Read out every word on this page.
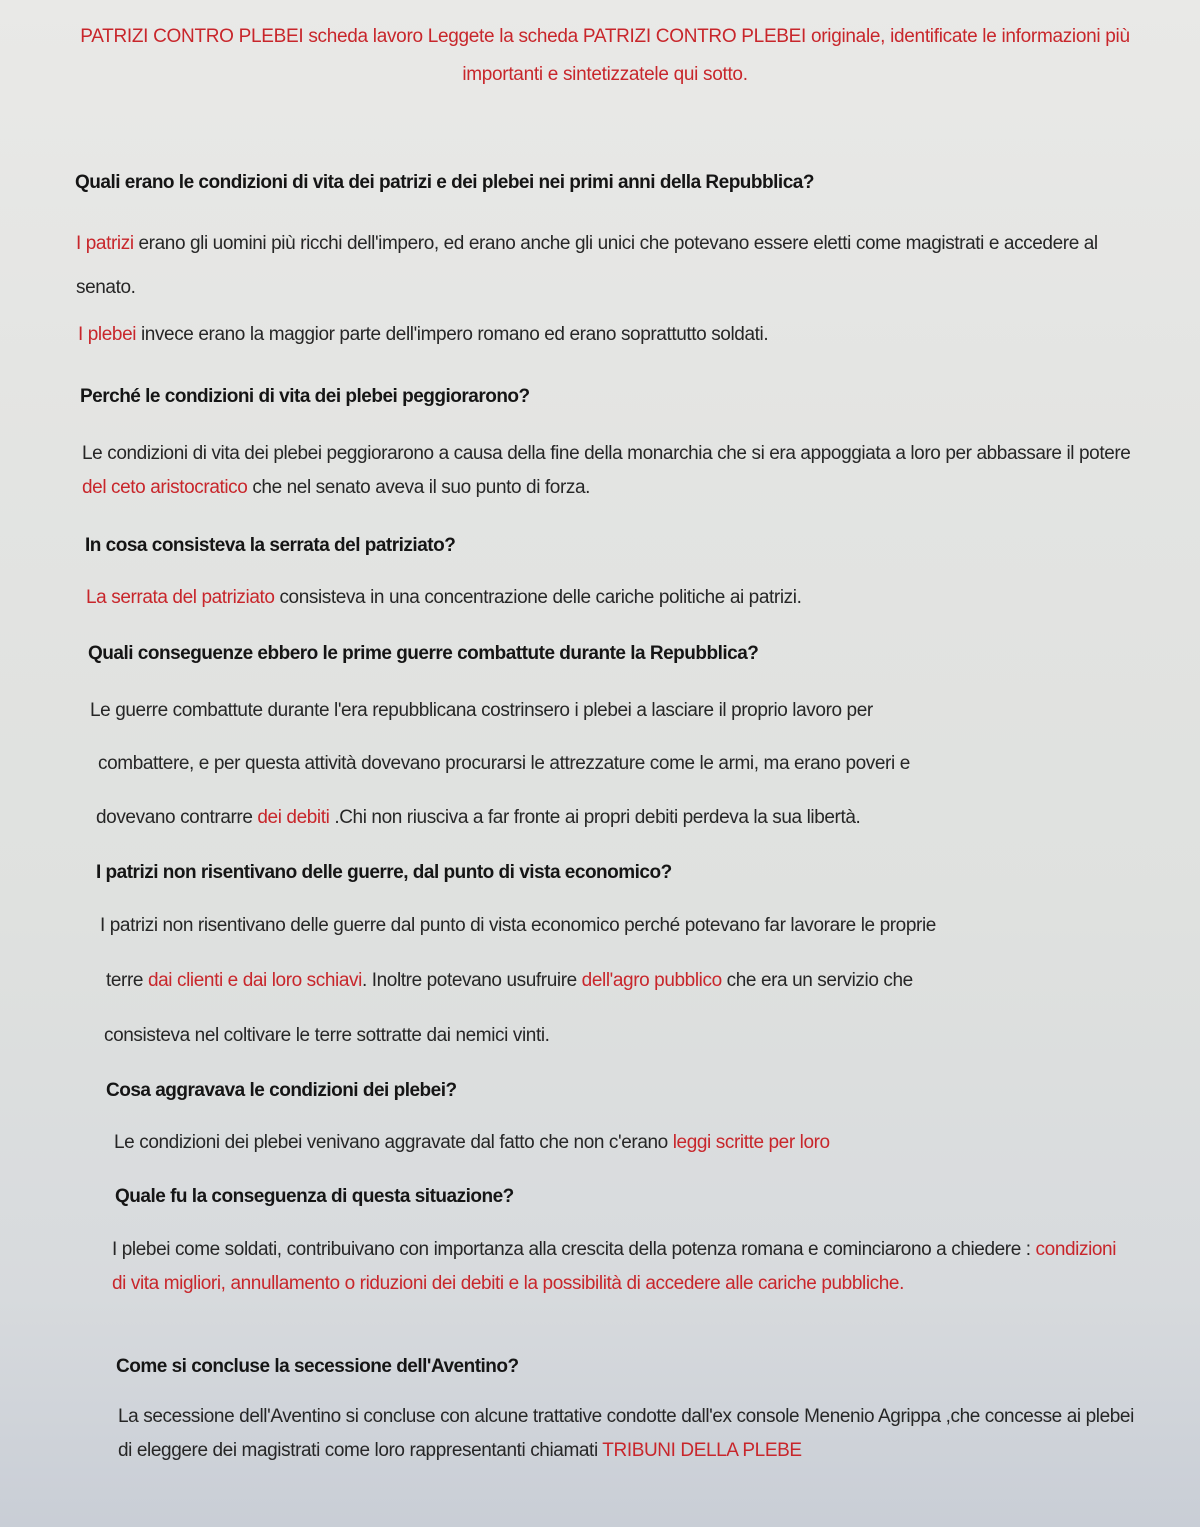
PATRIZI CONTRO PLEBEI scheda lavoro Leggete la scheda PATRIZI CONTRO PLEBEI originale, identificate le informazioni più importanti e sintetizzatele qui sotto.
Quali erano le condizioni di vita dei patrizi e dei plebei nei primi anni della Repubblica?
I patrizi erano gli uomini più ricchi dell'impero, ed erano anche gli unici che potevano essere eletti come magistrati e accedere al senato.
I plebei invece erano la maggior parte dell'impero romano ed erano soprattutto soldati.
Perché le condizioni di vita dei plebei peggiorarono?
Le condizioni di vita dei plebei peggiorarono a causa della fine della monarchia che si era appoggiata a loro per abbassare il potere del ceto aristocratico che nel senato aveva il suo punto di forza.
In cosa consisteva la serrata del patriziato?
La serrata del patriziato consisteva in una concentrazione delle cariche politiche ai patrizi.
Quali conseguenze ebbero le prime guerre combattute durante la Repubblica?
Le guerre combattute durante l'era repubblicana costrinsero i plebei a lasciare il proprio lavoro per
combattere, e per questa attività dovevano procurarsi le attrezzature come le armi, ma erano poveri e
dovevano contrarre dei debiti .Chi non riusciva a far fronte ai propri debiti perdeva la sua libertà.
I patrizi non risentivano delle guerre, dal punto di vista economico?
I patrizi non risentivano delle guerre dal punto di vista economico perché potevano far lavorare le proprie
terre dai clienti e dai loro schiavi. Inoltre potevano usufruire dell'agro pubblico che era un servizio che
consisteva nel coltivare le terre sottratte dai nemici vinti.
Cosa aggravava le condizioni dei plebei?
Le condizioni dei plebei venivano aggravate dal fatto che non c'erano leggi scritte per loro
Quale fu la conseguenza di questa situazione?
I plebei come soldati, contribuivano con importanza alla crescita della potenza romana e cominciarono a chiedere : condizioni di vita migliori, annullamento o riduzioni dei debiti e la possibilità di accedere alle cariche pubbliche.
Come si concluse la secessione dell'Aventino?
La secessione dell'Aventino si concluse con alcune trattative condotte dall'ex console Menenio Agrippa ,che concesse ai plebei di eleggere dei magistrati come loro rappresentanti chiamati TRIBUNI DELLA PLEBE
